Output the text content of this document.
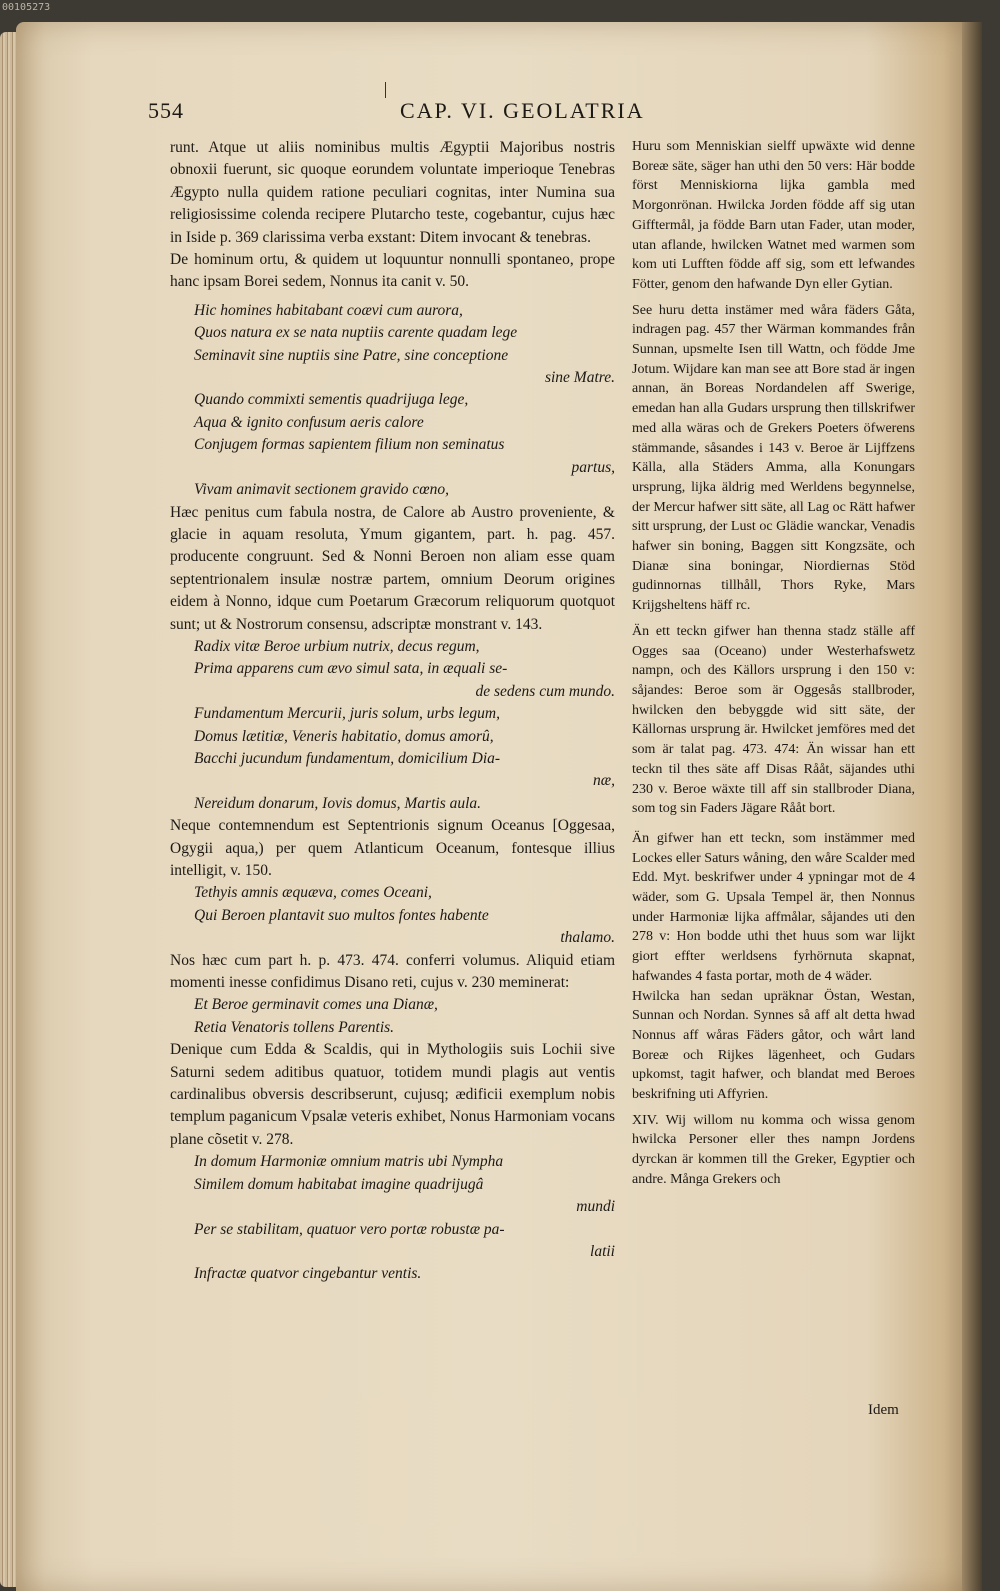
00105273
554	CAP. VI. GEOLATRIA

runt. Atque ut aliis nominibus multis Ægyptii Majoribus nostris obnoxii fuerunt, sic quoque eorundem voluntate imperioque Tenebras Ægypto nulla quidem ratione peculiari cognitas, inter Numina sua religiosissime colenda recipere Plutarcho teste, cogebantur, cujus hæc in Iside p. 369 clarissima verba exstant: Ditem invocant & tenebras.

De hominum ortu, & quidem ut loquuntur nonnulli spontaneo, prope hanc ipsam Borei sedem, Nonnus ita canit v. 50.

Hic homines habitabant coævi cum aurora,

Quos natura ex se nata nuptiis carente quadam lege

Seminavit sine nuptiis sine Patre, sine conceptione

sine Matre.

Quando commixti sementis quadrijuga lege,

Aqua & ignito confusum aeris calore

Conjugem formas sapientem filium non seminatus

partus,

Vivam animavit sectionem gravido cœno,

Hæc penitus cum fabula nostra, de Calore ab Austro proveniente, & glacie in aquam resoluta, Ymum gigantem, part. h. pag. 457. producente congruunt. Sed & Nonni Beroen non aliam esse quam septentrionalem insulæ nostræ partem, omnium Deorum origines eidem à Nonno, idque cum Poetarum Græcorum reliquorum quotquot sunt; ut & Nostrorum consensu, adscriptæ monstrant v. 143.

Radix vitæ Beroe urbium nutrix, decus regum,

Prima apparens cum ævo simul sata, in æquali se-

de sedens cum mundo.

Fundamentum Mercurii, juris solum, urbs legum,

Domus lætitiæ, Veneris habitatio, domus amorû,

Bacchi jucundum fundamentum, domicilium Dia-

næ,

Nereidum donarum, Iovis domus, Martis aula.

Neque contemnendum est Septentrionis signum Oceanus [Oggesaa, Ogygii aqua,) per quem Atlanticum Oceanum, fontesque illius intelligit, v. 150.

Tethyis amnis æquæva, comes Oceani,

Qui Beroen plantavit suo multos fontes habente

thalamo.

Nos hæc cum part h. p. 473. 474. conferri volumus. Aliquid etiam momenti inesse confidimus Disano reti, cujus v. 230 meminerat:

Et Beroe germinavit comes una Dianæ,

Retia Venatoris tollens Parentis.

Denique cum Edda & Scaldis, qui in Mythologiis suis Lochii sive Saturni sedem aditibus quatuor, totidem mundi plagis aut ventis cardinalibus obversis describserunt, cujusq; ædificii exemplum nobis templum paganicum Vpsalæ veteris exhibet, Nonus Harmoniam vocans plane cõsetit v. 278.

In domum Harmoniæ omnium matris ubi Nympha

Similem domum habitabat imagine quadrijugâ

mundi

Per se stabilitam, quatuor vero portæ robustæ pa-

latii

Infractæ quatvor cingebantur ventis.

Huru som Menniskian sielff upwäxte wid denne Boreæ säte, säger han uthi den 50 vers: Här bodde först Menniskiorna lijka gambla med Morgonrönan. Hwilcka Jorden födde aff sig utan Gifftermål, ja födde Barn utan Fader, utan moder, utan aflande, hwilcken Watnet med warmen som kom uti Lufften födde aff sig, som ett lefwandes Fötter, genom den hafwande Dyn eller Gytian.

See huru detta instämer med wåra fäders Gåta, indragen pag. 457 ther Wärman kommandes från Sunnan, upsmelte Isen till Wattn, och födde Jme Jotum. Wijdare kan man see att Bore stad är ingen annan, än Boreas Nordandelen aff Swerige, emedan han alla Gudars ursprung then tillskrifwer med alla wäras och de Grekers Poeters öfwerens stämmande, såsandes i 143 v. Beroe är Lijffzens Källa, alla Städers Amma, alla Konungars ursprung, lijka äldrig med Werldens begynnelse, der Mercur hafwer sitt säte, all Lag oc Rätt hafwer sitt ursprung, der Lust oc Glädie wanckar, Venadis hafwer sin boning, Baggen sitt Kongzsäte, och Dianæ sina boningar, Niordiernas Stöd gudinnornas tillhåll, Thors Ryke, Mars Krijgsheltens häff rc.

Än ett teckn gifwer han thenna stadz ställe aff Ogges saa (Oceano) under Westerhafswetz nampn, och des Källors ursprung i den 150 v: såjandes: Beroe som är Oggesås stallbroder, hwilcken den bebyggde wid sitt säte, der Källornas ursprung är. Hwilcket jemföres med det som är talat pag. 473. 474: Än wissar han ett teckn til thes säte aff Disas Rååt, säjandes uthi 230 v. Beroe wäxte till aff sin stallbroder Diana, som tog sin Faders Jägare Rååt bort.

Än gifwer han ett teckn, som instämmer med Lockes eller Saturs wåning, den wåre Scalder med Edd. Myt. beskrifwer under 4 ypningar mot de 4 wäder, som G. Upsala Tempel är, then Nonnus under Harmoniæ lijka affmålar, såjandes uti den 278 v: Hon bodde uthi thet huus som war lijkt giort effter werldsens fyrhörnuta skapnat, hafwandes 4 fasta portar, moth de 4 wäder.

Hwilcka han sedan upräknar Östan, Westan, Sunnan och Nordan. Synnes så aff alt detta hwad Nonnus aff wåras Fäders gåtor, och wårt land Boreæ och Rijkes lägenheet, och Gudars upkomst, tagit hafwer, och blandat med Beroes beskrifning uti Affyrien.

XIV. Wij willom nu komma och wissa genom hwilcka Personer eller thes nampn Jordens dyrckan är kommen till the Greker, Egyptier och andre. Många Grekers och

Idem
